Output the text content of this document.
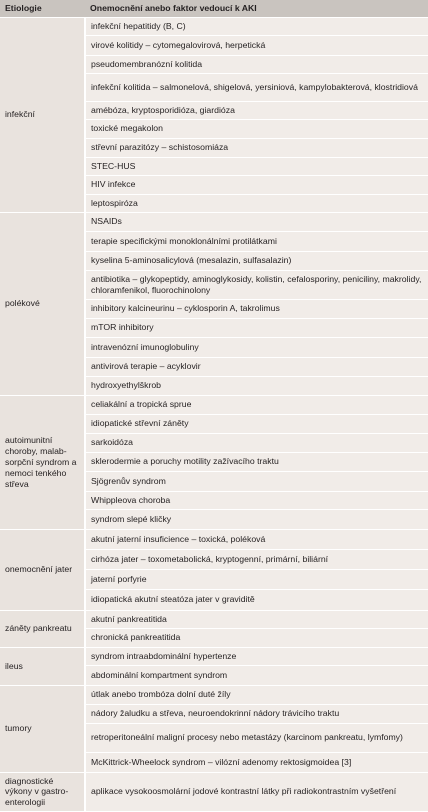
Etiologie	Onemocnění anebo faktor vedoucí k AKI
infekční	infekční hepatitidy (B, C)
	virové kolitidy – cytomegalovirová, herpetická
	pseudomembranózní kolitida
	infekční kolitida – salmonelová, shigelová, yersiniová, kampylobakterová, klostridiová
	amébóza, kryptosporidióza, giardióza
	toxické megakolon
	střevní parazitózy – schistosomiáza
	STEC-HUS
	HIV infekce
	leptospiróza
polékové	NSAIDs
	terapie specifickými monoklonálními protilátkami
	kyselina 5-aminosalicylová (mesalazin, sulfasalazin)
	antibiotika – glykopeptidy, aminoglykosidy, kolistin, cefalosporiny, peniciliny, makrolidy, chloramfenikol, fluorochinolony
	inhibitory kalcineurinu – cyklosporin A, takrolimus
	mTOR inhibitory
	intravenózní imunoglobuliny
	antivirová terapie – acyklovir
	hydroxyethylškrob
autoimunitní choroby, malab-sorpční syndrom a nemoci tenkého střeva	celiakální a tropická sprue
	idiopatické střevní záněty
	sarkoidóza
	sklerodermie a poruchy motility zažívacího traktu
	Sjögrenův syndrom
	Whippleova choroba
	syndrom slepé kličky
onemocnění jater	akutní jaterní insuficience – toxická, poléková
	cirhóza jater – toxometabolická, kryptogenní, primární, biliární
	jaterní porfyrie
	idiopatická akutní steatóza jater v graviditě
záněty pankreatu	akutní pankreatitida
	chronická pankreatitida
ileus	syndrom intraabdominální hypertenze
	abdominální kompartment syndrom
tumory	útlak anebo trombóza dolní duté žíly
	nádory žaludku a střeva, neuroendokrinní nádory trávicího traktu
	retroperitoneální maligní procesy nebo metastázy (karcinom pankreatu, lymfomy)
	McKittrick-Wheelock syndrom – vilózní adenomy rektosigmoidea [3]
diagnostické výkony v gastro-enterologii	aplikace vysokoosmolární jodové kontrastní látky při radiokontrastním vyšetření
